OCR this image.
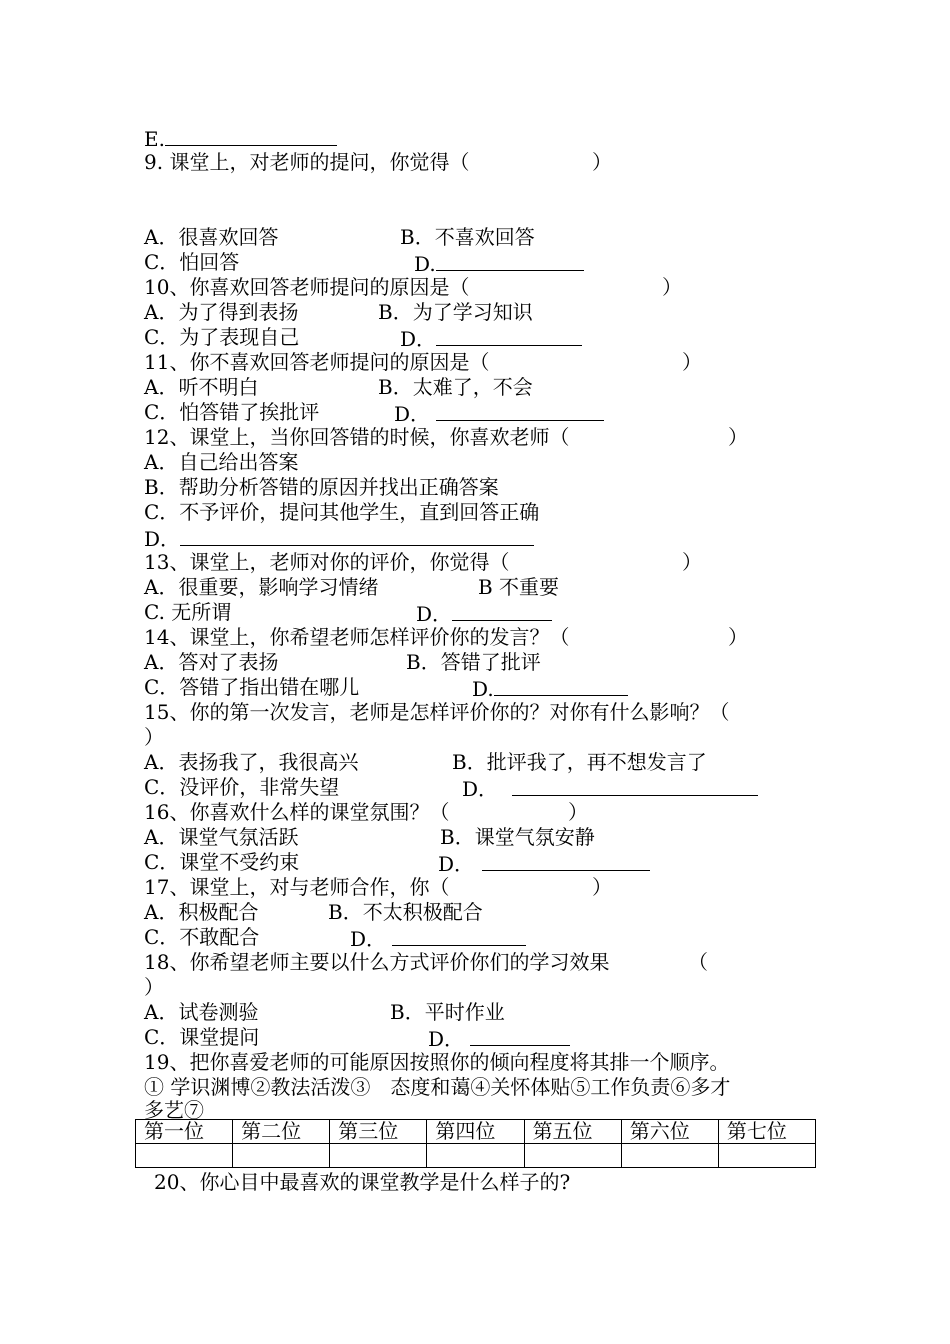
E.
9. 课堂上，对老师的提问，你觉得（	）
A．很喜欢回答	B．不喜欢回答
C．怕回答	D.
10、你喜欢回答老师提问的原因是（	）
A．为了得到表扬	B．为了学习知识
C．为了表现自己	D．
11、你不喜欢回答老师提问的原因是（	）
A．听不明白	B．太难了，不会
C．怕答错了挨批评	D．
12、课堂上，当你回答错的时候，你喜欢老师（	）
A．自己给出答案
B．帮助分析答错的原因并找出正确答案
C．不予评价，提问其他学生，直到回答正确
D．
13、课堂上，老师对你的评价，你觉得（	）
A．很重要，影响学习情绪	B 不重要
C. 无所谓	D．
14、课堂上，你希望老师怎样评价你的发言？（	）
A．答对了表扬	B．答错了批评
C．答错了指出错在哪儿	D.
15、你的第一次发言，老师是怎样评价你的？对你有什么影响？（
）
A．表扬我了，我很高兴	B．批评我了，再不想发言了
C．没评价，非常失望	D．
16、你喜欢什么样的课堂氛围？（	）
A．课堂气氛活跃	B．课堂气氛安静
C．课堂不受约束	D．
17、课堂上，对与老师合作，你（	）
A．积极配合	B．不太积极配合
C．不敢配合	D．
18、你希望老师主要以什么方式评价你们的学习效果	（
）
A．试卷测验	B．平时作业
C．课堂提问	D．
19、把你喜爱老师的可能原因按照你的倾向程度将其排一个顺序。
① 学识渊博②教法活泼③　态度和蔼④关怀体贴⑤工作负责⑥多才
多艺⑦
第一位	第二位	第三位	第四位	第五位	第六位	第七位

20、你心目中最喜欢的课堂教学是什么样子的?
